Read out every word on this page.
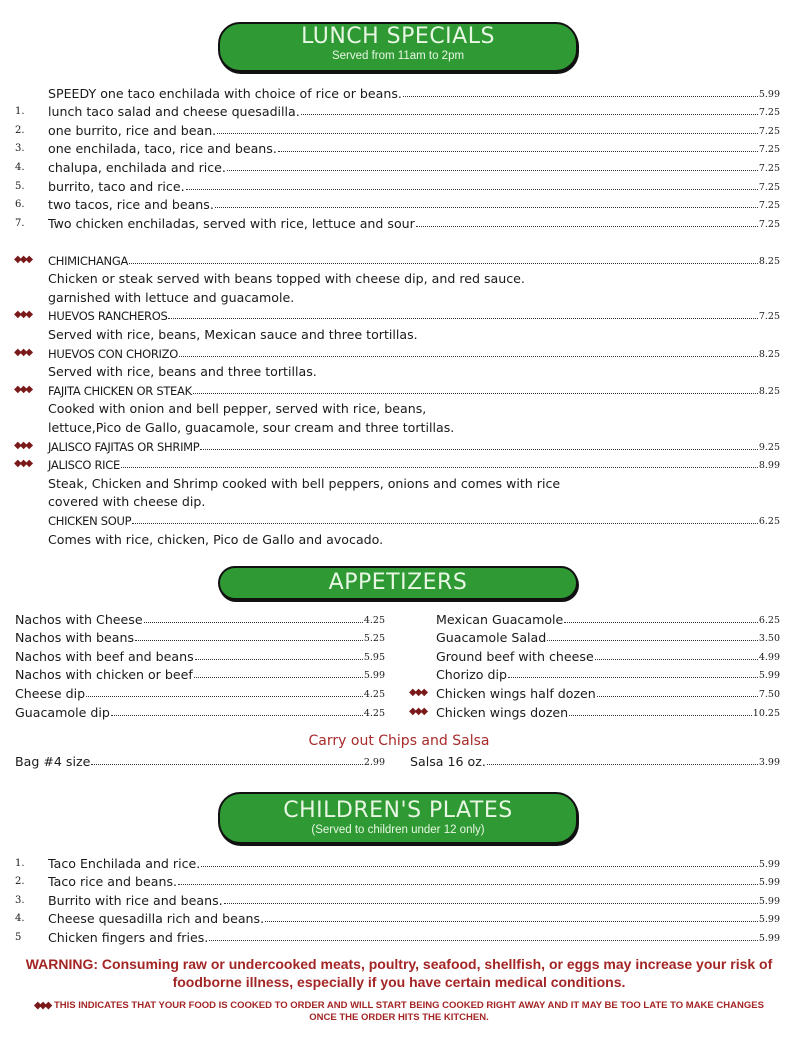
LUNCH SPECIALS
Served from 11am to 2pm
SPEEDY one taco enchilada with choice of rice or beans.	5.99
1.	lunch taco salad and cheese quesadilla.	7.25
2.	one burrito, rice and bean.	7.25
3.	one enchilada, taco, rice and beans.	7.25
4.	chalupa, enchilada and rice.	7.25
5.	burrito, taco and rice.	7.25
6.	two tacos, rice and beans.	7.25
7.	Two chicken enchiladas, served with rice, lettuce and sour	7.25
◆◆◆ CHIMICHANGA	8.25
Chicken or steak served with beans topped with cheese dip, and red sauce.
garnished with lettuce and guacamole.
◆◆◆ HUEVOS RANCHEROS	7.25
Served with rice, beans, Mexican sauce and three tortillas.
◆◆◆ HUEVOS CON CHORIZO	8.25
Served with rice, beans and three tortillas.
◆◆◆ FAJITA CHICKEN OR STEAK	8.25
Cooked with onion and bell pepper, served with rice, beans,
lettuce,Pico de Gallo, guacamole, sour cream and three tortillas.
◆◆◆ JALISCO FAJITAS OR SHRIMP	9.25
◆◆◆ JALISCO RICE	8.99
Steak, Chicken and Shrimp cooked with bell peppers, onions and comes with rice
covered with cheese dip.
CHICKEN SOUP	6.25
Comes with rice, chicken, Pico de Gallo and avocado.
APPETIZERS
Nachos with Cheese	4.25
Nachos with beans	5.25
Nachos with beef and beans	5.95
Nachos with chicken or beef	5.99
Cheese dip	4.25
Guacamole dip	4.25
Mexican Guacamole	6.25
Guacamole Salad	3.50
Ground beef with cheese	4.99
Chorizo dip	5.99
◆◆◆ Chicken wings half dozen	7.50
◆◆◆ Chicken wings dozen	10.25
Carry out Chips and Salsa
Bag #4 size	2.99 Salsa 16 oz.	3.99
CHILDREN'S PLATES
(Served to children under 12 only)
1.	Taco Enchilada and rice.	5.99
2.	Taco rice and beans.	5.99
3.	Burrito with rice and beans.	5.99
4.	Cheese quesadilla rich and beans.	5.99
5	Chicken fingers and fries.	5.99
WARNING: Consuming raw or undercooked meats, poultry, seafood, shellfish, or eggs may increase your risk of foodborne illness, especially if you have certain medical conditions.
◆◆◆ THIS INDICATES THAT YOUR FOOD IS COOKED TO ORDER AND WILL START BEING COOKED RIGHT AWAY AND IT MAY BE TOO LATE TO MAKE CHANGES ONCE THE ORDER HITS THE KITCHEN.
